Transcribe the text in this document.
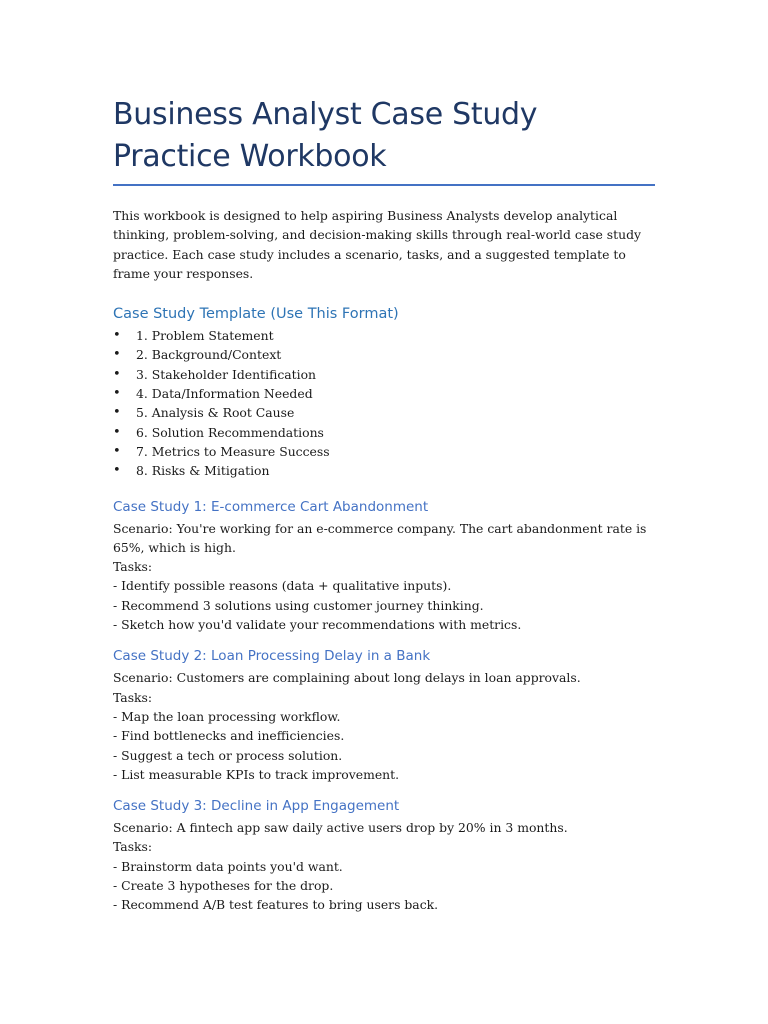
Business Analyst Case Study Practice Workbook

This workbook is designed to help aspiring Business Analysts develop analytical thinking, problem-solving, and decision-making skills through real-world case study practice. Each case study includes a scenario, tasks, and a suggested template to frame your responses.

Case Study Template (Use This Format)
• 1. Problem Statement
• 2. Background/Context
• 3. Stakeholder Identification
• 4. Data/Information Needed
• 5. Analysis & Root Cause
• 6. Solution Recommendations
• 7. Metrics to Measure Success
• 8. Risks & Mitigation
Case Study 1: E-commerce Cart Abandonment

Scenario: You're working for an e-commerce company. The cart abandonment rate is 65%, which is high.

Tasks:

- Identify possible reasons (data + qualitative inputs).

- Recommend 3 solutions using customer journey thinking.

- Sketch how you'd validate your recommendations with metrics.

Case Study 2: Loan Processing Delay in a Bank

Scenario: Customers are complaining about long delays in loan approvals.

Tasks:

- Map the loan processing workflow.

- Find bottlenecks and inefficiencies.

- Suggest a tech or process solution.

- List measurable KPIs to track improvement.

Case Study 3: Decline in App Engagement

Scenario: A fintech app saw daily active users drop by 20% in 3 months.

Tasks:

- Brainstorm data points you'd want.

- Create 3 hypotheses for the drop.

- Recommend A/B test features to bring users back.
